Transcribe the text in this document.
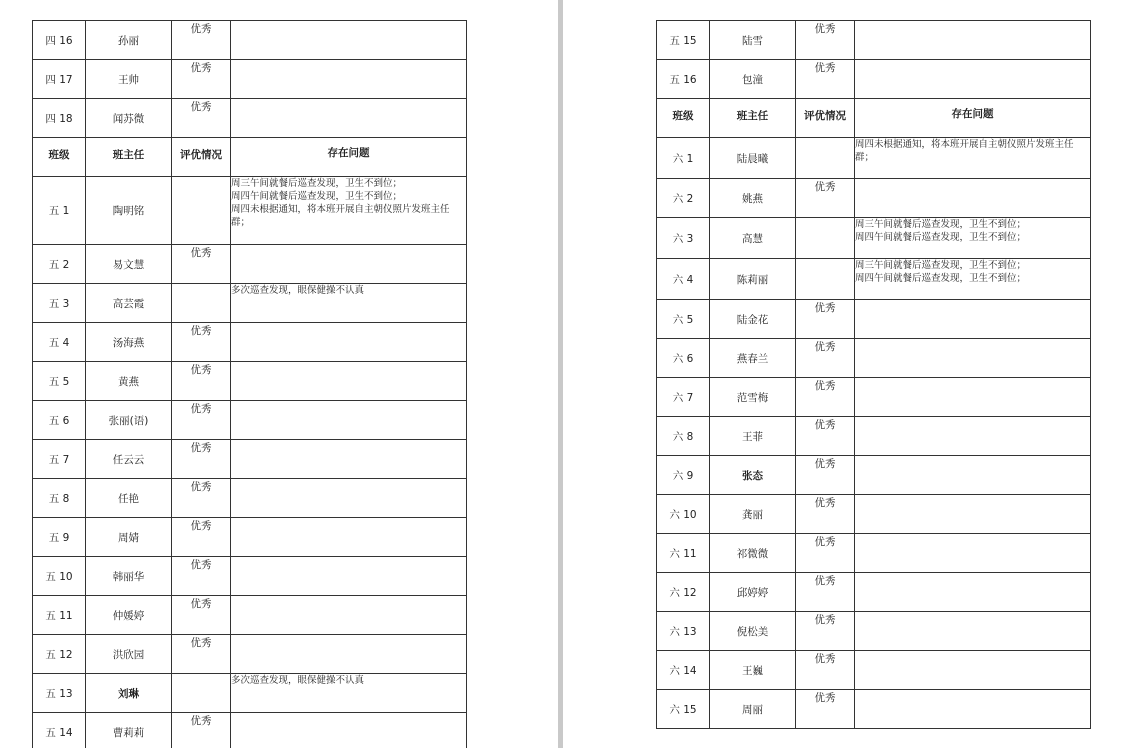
四 16	孙丽	优秀	
四 17	王帅	优秀	
四 18	闻苏微	优秀	
班级	班主任	评优情况	存在问题
五 1	陶明铭		周三午间就餐后巡查发现，卫生不到位；
周四午间就餐后巡查发现，卫生不到位；
周四未根据通知，将本班开展自主朝仪照片发班主任群；

五 2	易文慧	优秀	
五 3	高芸霞		多次巡查发现，眼保健操不认真

五 4	汤海燕	优秀	
五 5	黄燕	优秀	
五 6	张丽(语)	优秀	
五 7	任云云	优秀	
五 8	任艳	优秀	
五 9	周婧	优秀	
五 10	韩丽华	优秀	
五 11	仲媛婷	优秀	
五 12	洪欣园	优秀	
五 13	刘琳		多次巡查发现，眼保健操不认真

五 14	曹莉莉	优秀	
五 15	陆雪	优秀	
五 16	包潼	优秀	
班级	班主任	评优情况	存在问题
六 1	陆晨曦		周四未根据通知，将本班开展自主朝仪照片发班主任群；

六 2	姚燕	优秀	
六 3	高慧		周三午间就餐后巡查发现，卫生不到位；
周四午间就餐后巡查发现，卫生不到位；

六 4	陈莉丽		周三午间就餐后巡查发现，卫生不到位；
周四午间就餐后巡查发现，卫生不到位；

六 5	陆金花	优秀	
六 6	燕春兰	优秀	
六 7	范雪梅	优秀	
六 8	王菲	优秀	
六 9	张态	优秀	
六 10	龚丽	优秀	
六 11	祁微微	优秀	
六 12	邱婷婷	优秀	
六 13	倪松美	优秀	
六 14	王巍	优秀	
六 15	周丽	优秀	
